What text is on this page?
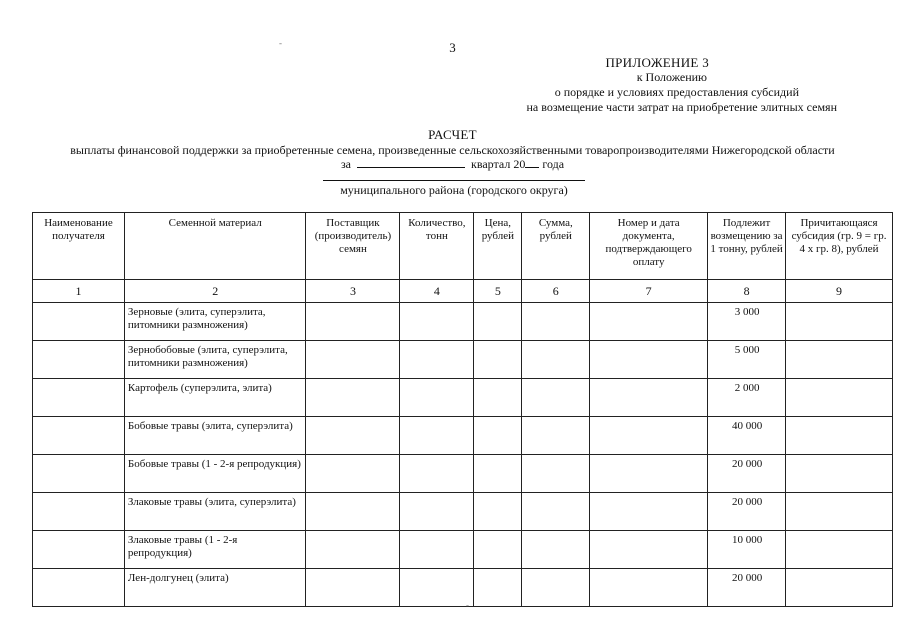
3
ПРИЛОЖЕНИЕ 3
к Положению
о порядке и условиях предоставления субсидий
на возмещение части затрат на приобретение элитных семян
РАСЧЕТ
выплаты финансовой поддержки за приобретенные семена, произведенные сельскохозяйственными товаропроизводителями Нижегородской области
за	квартал 20 года
муниципального района (городского округа)
Наименование получателя	Семенной материал	Поставщик (производитель) семян	Количество, тонн	Цена, рублей	Сумма, рублей	Номер и дата документа, подтверждающего оплату	Подлежит возмещению за 1 тонну, рублей	Причитающаяся субсидия (гр. 9 = гр. 4 х гр. 8), рублей
1	2	3	4	5	6	7	8	9
	Зерновые (элита, суперэлита, питомники размножения)						3 000	
	Зернобобовые (элита, суперэлита, питомники размножения)						5 000	
	Картофель (суперэлита, элита)						2 000	
	Бобовые травы (элита, суперэлита)						40 000	
	Бобовые травы (1 - 2-я репродукция)						20 000	
	Злаковые травы (элита, суперэлита)						20 000	
	Злаковые травы (1 - 2-я репродукция)						10 000	
	Лен-долгунец (элита)						20 000	
-
-
